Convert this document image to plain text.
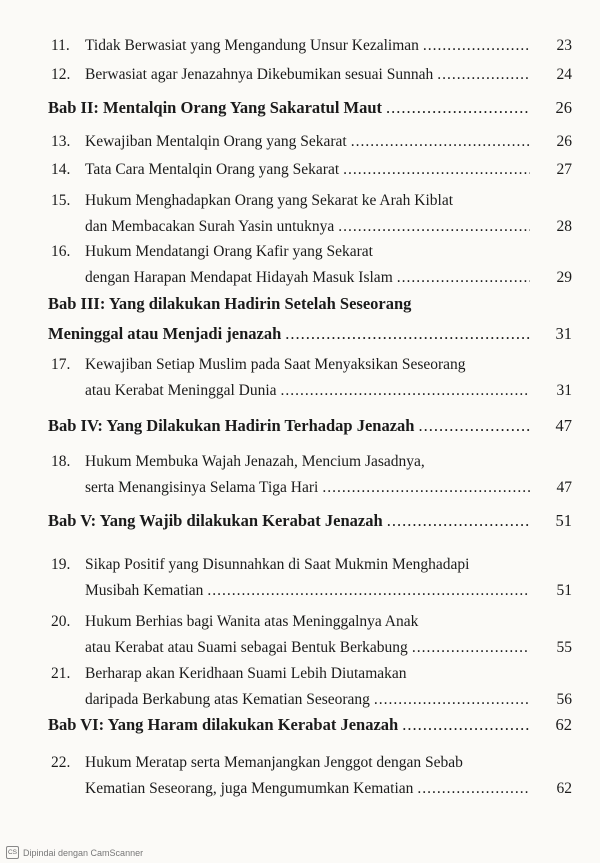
11. Tidak Berwasiat yang Mengandung Unsur Kezaliman .....	23
12. Berwasiat agar Jenazahnya Dikebumikan sesuai Sunnah .....	24
Bab II: Mentalqin Orang Yang Sakaratul Maut .....	26
13. Kewajiban Mentalqin Orang yang Sekarat .....	26
14. Tata Cara Mentalqin Orang yang Sekarat .....	27
15. Hukum Menghadapkan Orang yang Sekarat ke Arah Kiblat
dan Membacakan Surah Yasin untuknya .....	28
16. Hukum Mendatangi Orang Kafir yang Sekarat
dengan Harapan Mendapat Hidayah Masuk Islam .....	29
Bab III: Yang dilakukan Hadirin Setelah Seseorang
Meninggal atau Menjadi jenazah .....	31
17. Kewajiban Setiap Muslim pada Saat Menyaksikan Seseorang
atau Kerabat Meninggal Dunia .....	31
Bab IV: Yang Dilakukan Hadirin Terhadap Jenazah .....	47
18. Hukum Membuka Wajah Jenazah, Mencium Jasadnya,
serta Menangisinya Selama Tiga Hari .....	47
Bab V: Yang Wajib dilakukan Kerabat Jenazah .....	51
19. Sikap Positif yang Disunnahkan di Saat Mukmin Menghadapi
Musibah Kematian .....	51
20. Hukum Berhias bagi Wanita atas Meninggalnya Anak
atau Kerabat atau Suami sebagai Bentuk Berkabung .....	55
21. Berharap akan Keridhaan Suami Lebih Diutamakan
daripada Berkabung atas Kematian Seseorang .....	56
Bab VI: Yang Haram dilakukan Kerabat Jenazah .....	62
22. Hukum Meratap serta Memanjangkan Jenggot dengan Sebab
Kematian Seseorang, juga Mengumumkan Kematian .....	62
CS Dipindai dengan CamScanner
